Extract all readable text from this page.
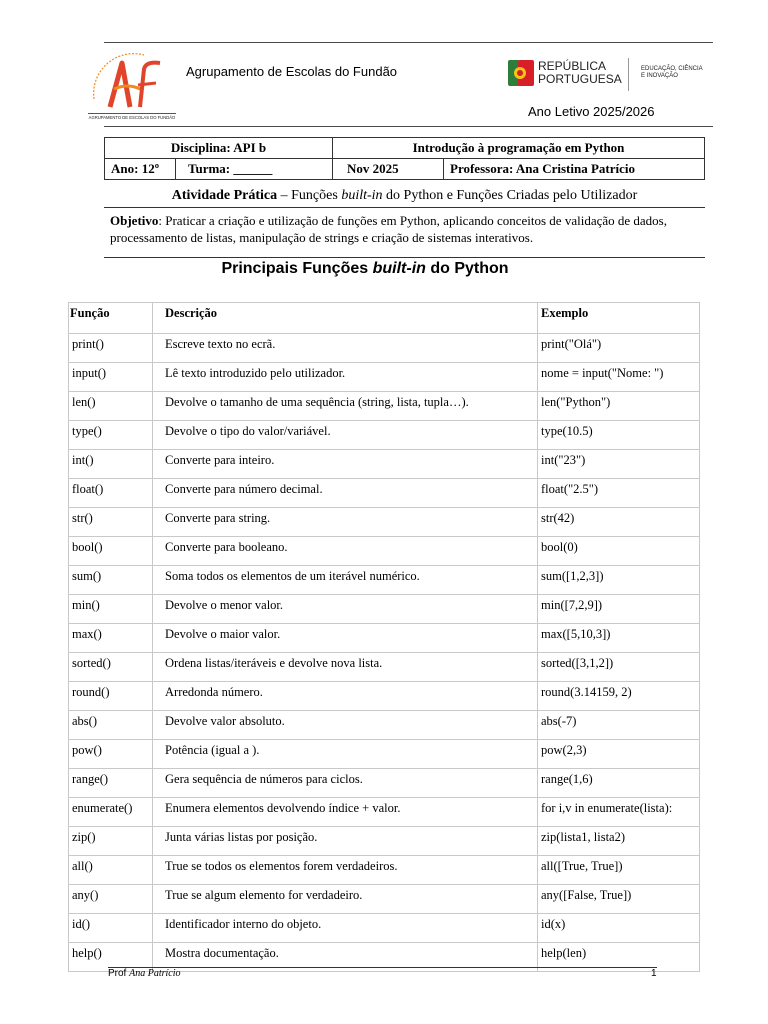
AGRUPAMENTO DE ESCOLAS DO FUNDÃO
Agrupamento de Escolas do Fundão	REPÚBLICA
PORTUGUESA
EDUCAÇÃO, CIÊNCIA
E INOVAÇÃO
Ano Letivo 2025/2026
Disciplina: API b		Introdução à programação em Python	
Ano: 12º	Turma: ______	Nov 2025	Professora: Ana Cristina Patrício
Atividade Prática – Funções built-in do Python e Funções Criadas pelo Utilizador
Objetivo: Praticar a criação e utilização de funções em Python, aplicando conceitos de validação de dados, processamento de listas, manipulação de strings e criação de sistemas interativos.
Principais Funções built-in do Python
Função	Descrição	Exemplo
print()	Escreve texto no ecrã.	print("Olá")
input()	Lê texto introduzido pelo utilizador.	nome = input("Nome: ")
len()	Devolve o tamanho de uma sequência (string, lista, tupla…).	len("Python")
type()	Devolve o tipo do valor/variável.	type(10.5)
int()	Converte para inteiro.	int("23")
float()	Converte para número decimal.	float("2.5")
str()	Converte para string.	str(42)
bool()	Converte para booleano.	bool(0)
sum()	Soma todos os elementos de um iterável numérico.	sum([1,2,3])
min()	Devolve o menor valor.	min([7,2,9])
max()	Devolve o maior valor.	max([5,10,3])
sorted()	Ordena listas/iteráveis e devolve nova lista.	sorted([3,1,2])
round()	Arredonda número.	round(3.14159, 2)
abs()	Devolve valor absoluto.	abs(-7)
pow()	Potência (igual a ).	pow(2,3)
range()	Gera sequência de números para ciclos.	range(1,6)
enumerate()	Enumera elementos devolvendo índice + valor.	for i,v in enumerate(lista):
zip()	Junta várias listas por posição.	zip(lista1, lista2)
all()	True se todos os elementos forem verdadeiros.	all([True, True])
any()	True se algum elemento for verdadeiro.	any([False, True])
id()	Identificador interno do objeto.	id(x)
help()	Mostra documentação.	help(len)
Prof Ana Patrício	1
